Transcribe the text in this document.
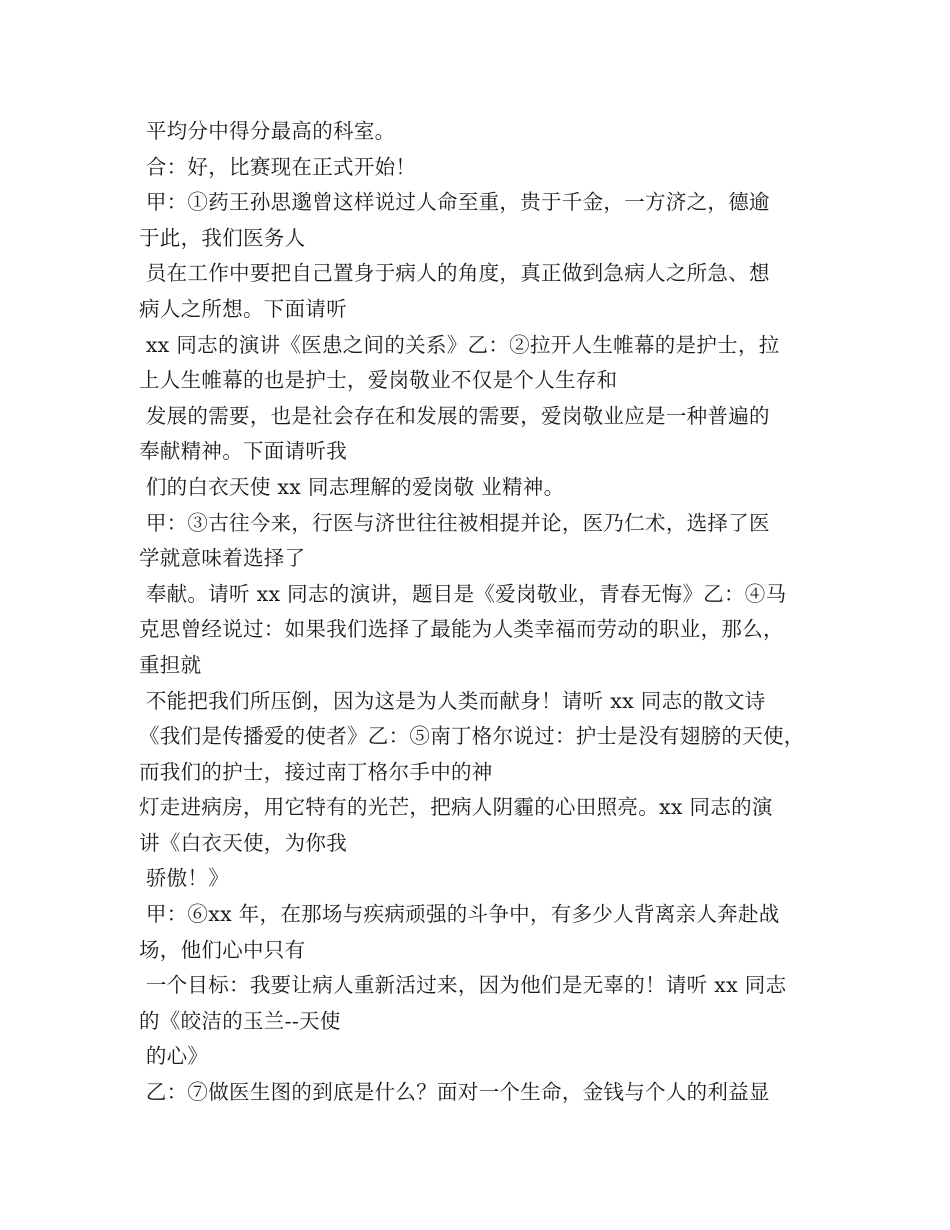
平均分中得分最高的科室。
合：好，比赛现在正式开始！
甲：①药王孙思邈曾这样说过人命至重，贵于千金，一方济之，德逾
于此，我们医务人
员在工作中要把自己置身于病人的角度，真正做到急病人之所急、想
病人之所想。下面请听
xx 同志的演讲《医患之间的关系》乙：②拉开人生帷幕的是护士，拉
上人生帷幕的也是护士，爱岗敬业不仅是个人生存和
发展的需要，也是社会存在和发展的需要，爱岗敬业应是一种普遍的
奉献精神。下面请听我
们的白衣天使 xx 同志理解的爱岗敬 业精神。
甲：③古往今来，行医与济世往往被相提并论，医乃仁术，选择了医
学就意味着选择了
奉献。请听 xx 同志的演讲，题目是《爱岗敬业，青春无悔》乙：④马
克思曾经说过：如果我们选择了最能为人类幸福而劳动的职业，那么，
重担就
不能把我们所压倒，因为这是为人类而献身！请听 xx 同志的散文诗
《我们是传播爱的使者》乙：⑤南丁格尔说过：护士是没有翅膀的天使，
而我们的护士，接过南丁格尔手中的神
灯走进病房，用它特有的光芒，把病人阴霾的心田照亮。xx 同志的演
讲《白衣天使，为你我
骄傲！》
甲：⑥xx 年，在那场与疾病顽强的斗争中，有多少人背离亲人奔赴战
场，他们心中只有
一个目标：我要让病人重新活过来，因为他们是无辜的！请听 xx 同志
的《皎洁的玉兰--天使
的心》
乙：⑦做医生图的到底是什么？面对一个生命，金钱与个人的利益显
